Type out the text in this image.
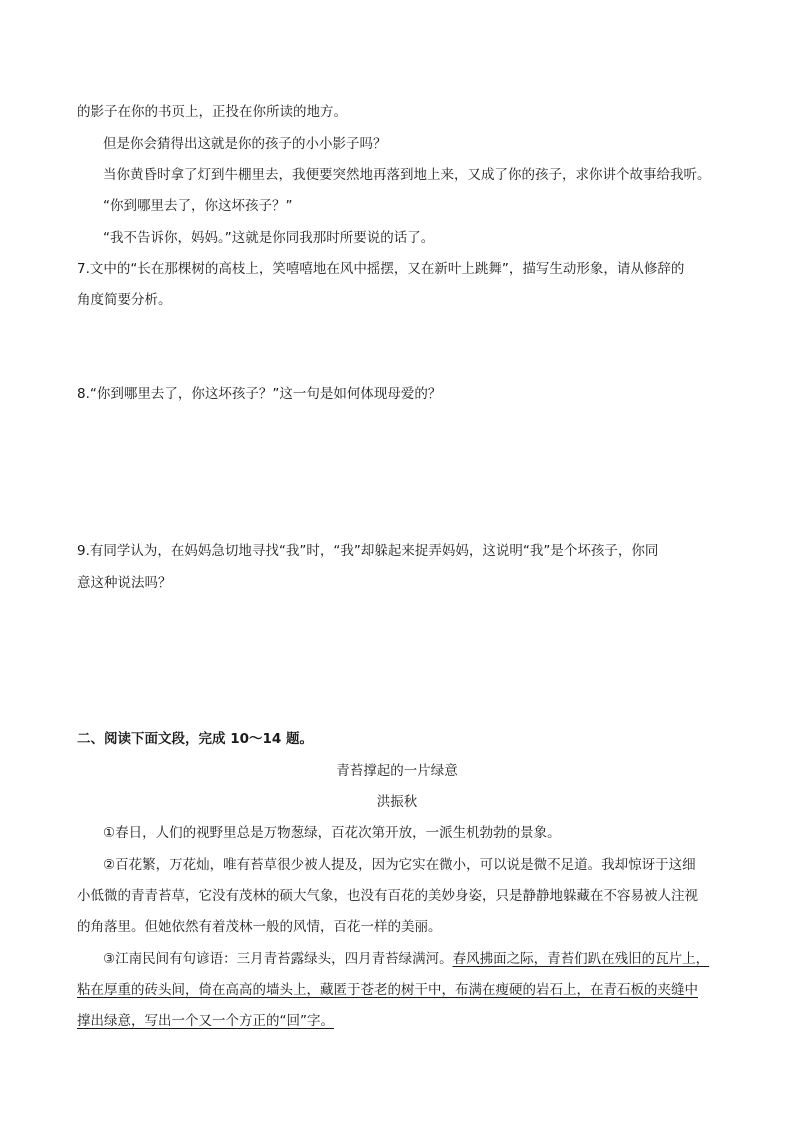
的影子在你的书页上，正投在你所读的地方。
但是你会猜得出这就是你的孩子的小小影子吗？
当你黄昏时拿了灯到牛棚里去，我便要突然地再落到地上来，又成了你的孩子，求你讲个故事给我听。
“你到哪里去了，你这坏孩子？”
“我不告诉你，妈妈。”这就是你同我那时所要说的话了。
7.文中的“长在那棵树的高枝上，笑嘻嘻地在风中摇摆，又在新叶上跳舞”，描写生动形象，请从修辞的
角度简要分析。
8.“你到哪里去了，你这坏孩子？”这一句是如何体现母爱的？
9.有同学认为，在妈妈急切地寻找“我”时，“我”却躲起来捉弄妈妈，这说明“我”是个坏孩子，你同
意这种说法吗？
二、阅读下面文段，完成 10～14 题。
青苔撑起的一片绿意
洪振秋
①春日，人们的视野里总是万物葱绿，百花次第开放，一派生机勃勃的景象。
②百花繁，万花灿，唯有苔草很少被人提及，因为它实在微小，可以说是微不足道。我却惊讶于这细
小低微的青青苔草，它没有茂林的硕大气象，也没有百花的美妙身姿，只是静静地躲藏在不容易被人注视
的角落里。但她依然有着茂林一般的风情，百花一样的美丽。
③江南民间有句谚语：三月青苔露绿头，四月青苔绿满河。春风拂面之际，青苔们趴在残旧的瓦片上，
粘在厚重的砖头间，倚在高高的墙头上，藏匿于苍老的树干中，布满在瘦硬的岩石上，在青石板的夹缝中
撑出绿意，写出一个又一个方正的“回”字。
